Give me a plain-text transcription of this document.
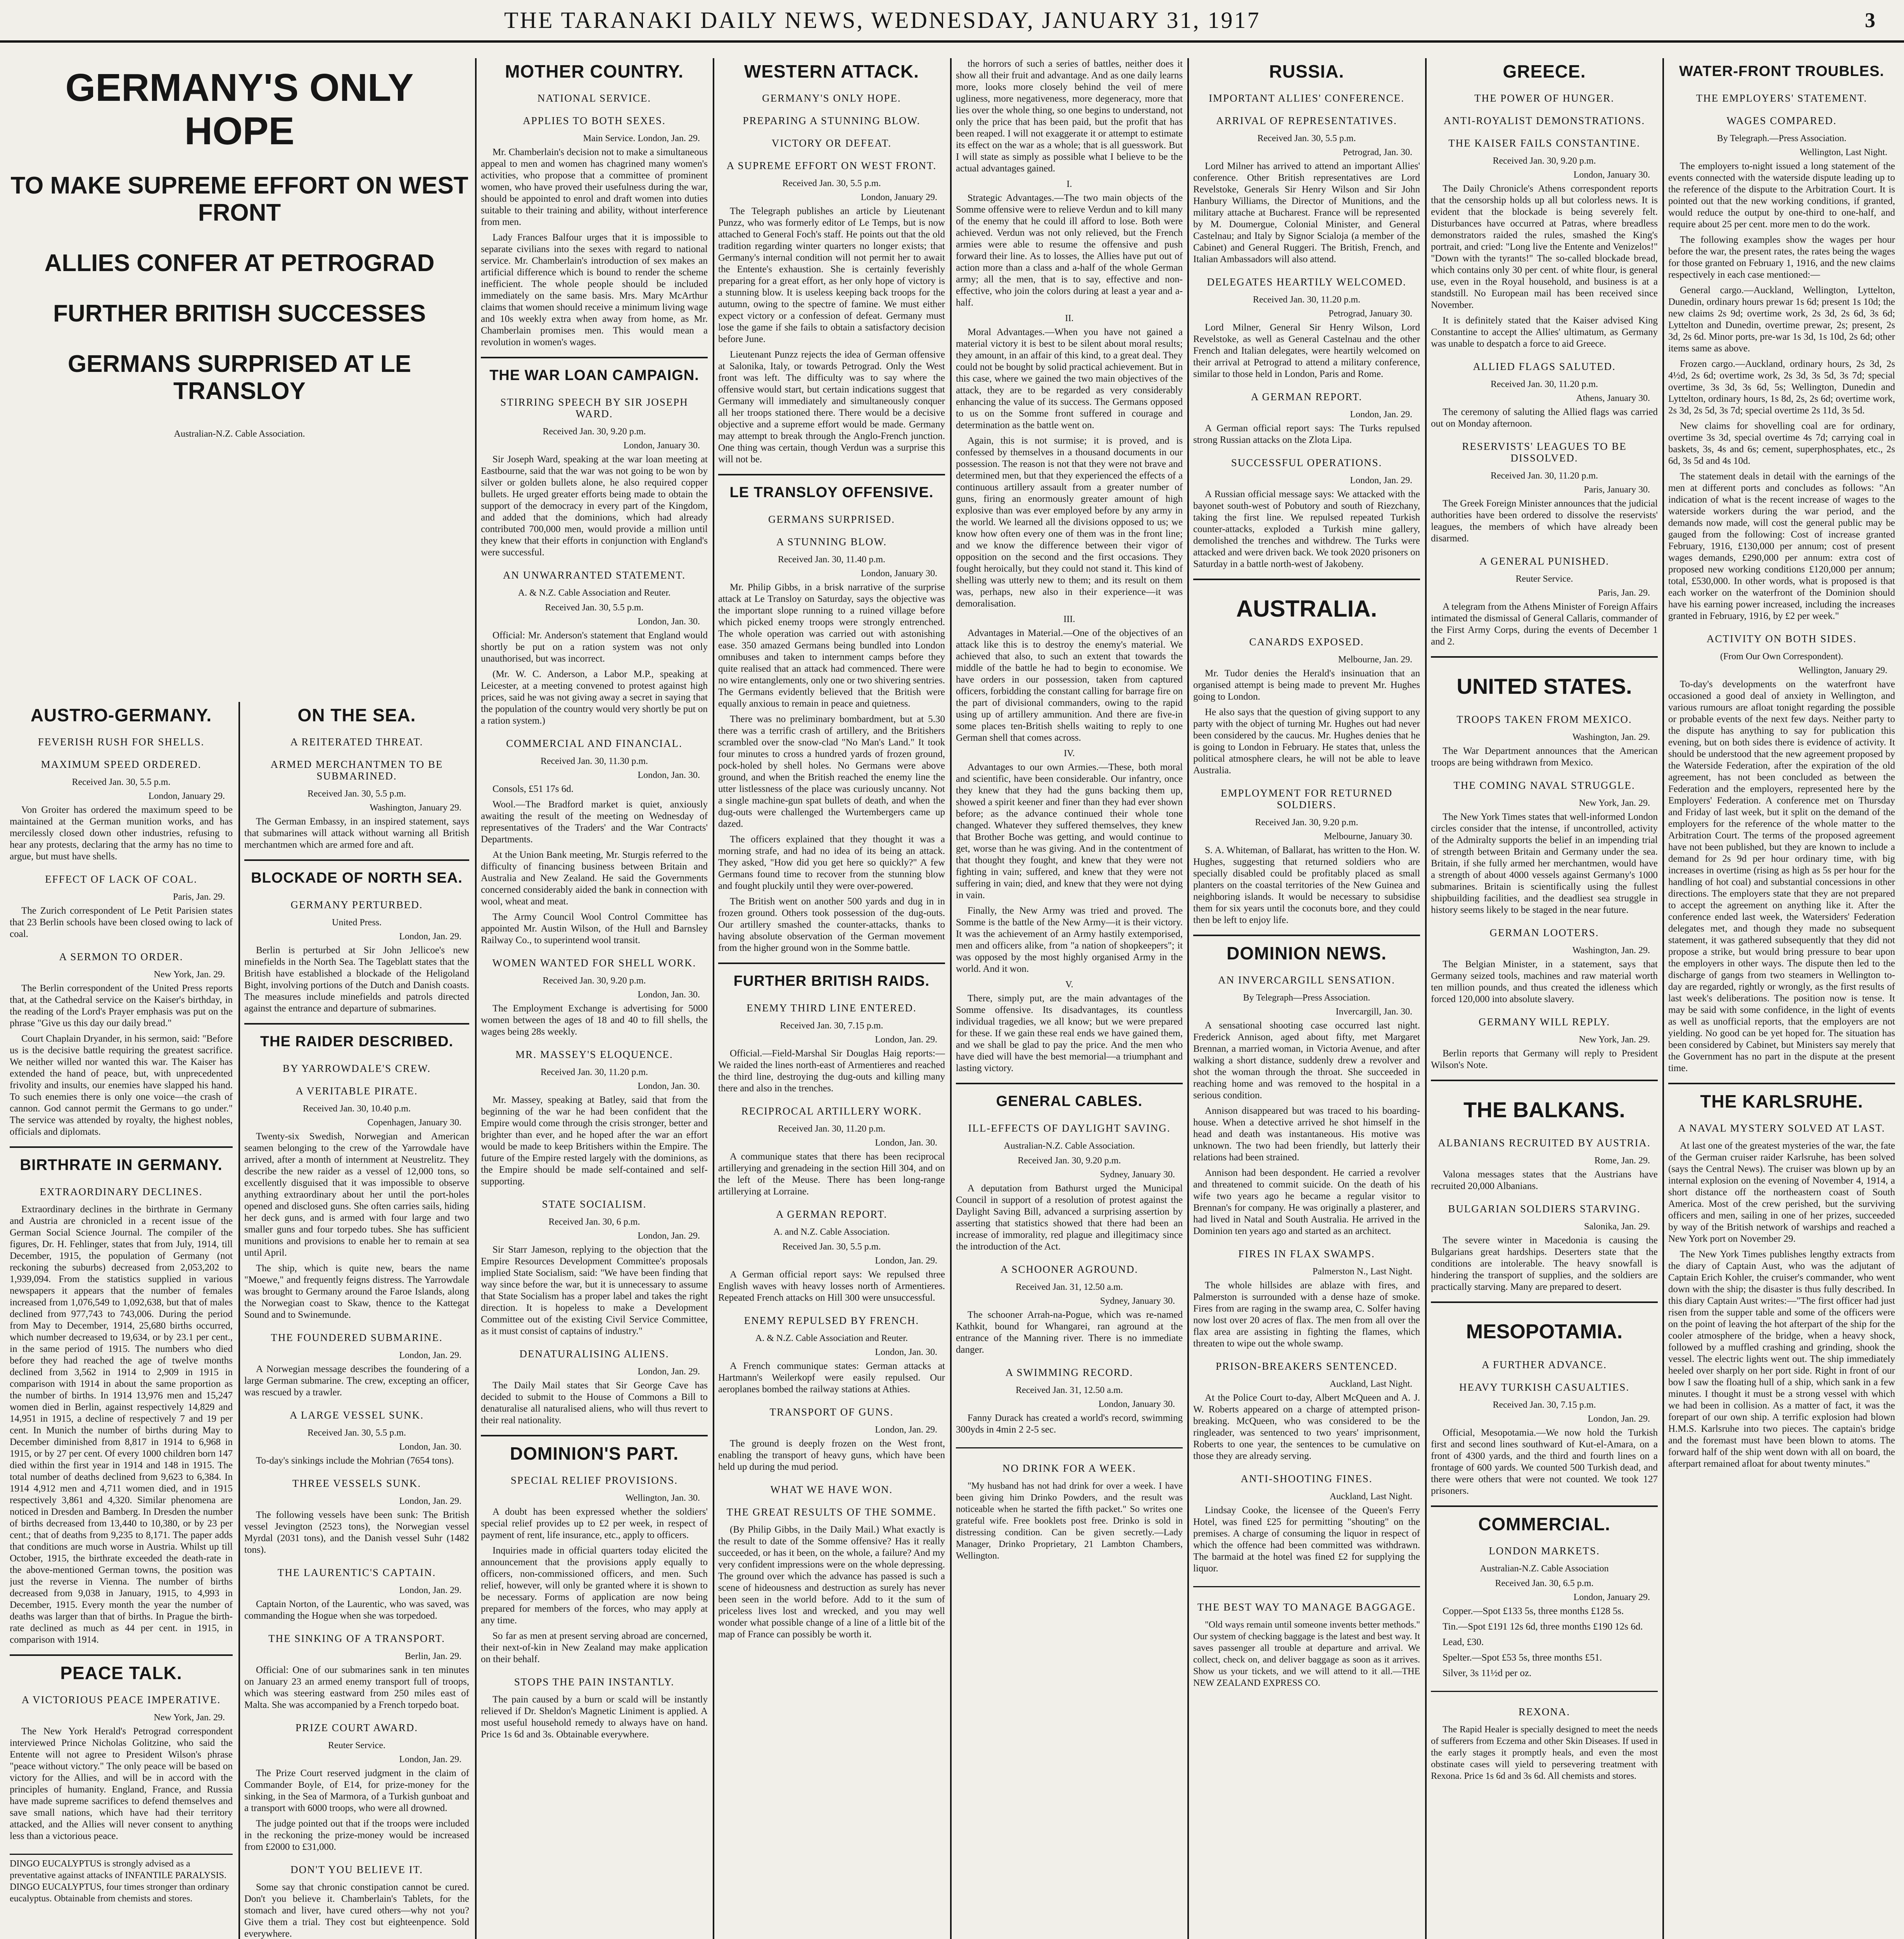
THE TARANAKI DAILY NEWS, WEDNESDAY, JANUARY 31, 1917	3
GERMANY'S ONLY HOPE
TO MAKE SUPREME EFFORT ON WEST FRONT
ALLIES CONFER AT PETROGRAD
FURTHER BRITISH SUCCESSES
GERMANS SURPRISED AT LE TRANSLOY
Australian-N.Z. Cable Association.
AUSTRO-GERMANY.
FEVERISH RUSH FOR SHELLS.
MAXIMUM SPEED ORDERED.
Received Jan. 30, 5.5 p.m.
London, January 29.

Von Groiter has ordered the maximum speed to be maintained at the German munition works, and has mercilessly closed down other industries, refusing to hear any protests, declaring that the army has no time to argue, but must have shells.

EFFECT OF LACK OF COAL.
Paris, Jan. 29.

The Zurich correspondent of Le Petit Parisien states that 23 Berlin schools have been closed owing to lack of coal.

A SERMON TO ORDER.
New York, Jan. 29.

The Berlin correspondent of the United Press reports that, at the Cathedral service on the Kaiser's birthday, in the reading of the Lord's Prayer emphasis was put on the phrase "Give us this day our daily bread."

Court Chaplain Dryander, in his sermon, said: "Before us is the decisive battle requiring the greatest sacrifice. We neither willed nor wanted this war. The Kaiser has extended the hand of peace, but, with unprecedented frivolity and insults, our enemies have slapped his hand. To such enemies there is only one voice—the crash of cannon. God cannot permit the Germans to go under." The service was attended by royalty, the highest nobles, officials and diplomats.

BIRTHRATE IN GERMANY.
EXTRAORDINARY DECLINES.

Extraordinary declines in the birthrate in Germany and Austria are chronicled in a recent issue of the German Social Science Journal. The compiler of the figures, Dr. H. Fehlinger, states that from July, 1914, till December, 1915, the population of Germany (not reckoning the suburbs) decreased from 2,053,202 to 1,939,094. From the statistics supplied in various newspapers it appears that the number of females increased from 1,076,549 to 1,092,638, but that of males declined from 977,743 to 743,006. During the period from May to December, 1914, 25,680 births occurred, which number decreased to 19,634, or by 23.1 per cent., in the same period of 1915. The numbers who died before they had reached the age of twelve months declined from 3,562 in 1914 to 2,909 in 1915 in comparison with 1914 in about the same proportion as the number of births. In 1914 13,976 men and 15,247 women died in Berlin, against respectively 14,829 and 14,951 in 1915, a decline of respectively 7 and 19 per cent. In Munich the number of births during May to December diminished from 8,817 in 1914 to 6,968 in 1915, or by 27 per cent. Of every 1000 children born 147 died within the first year in 1914 and 148 in 1915. The total number of deaths declined from 9,623 to 6,384. In 1914 4,912 men and 4,711 women died, and in 1915 respectively 3,861 and 4,320. Similar phenomena are noticed in Dresden and Bamberg. In Dresden the number of births decreased from 13,440 to 10,380, or by 23 per cent.; that of deaths from 9,235 to 8,171. The paper adds that conditions are much worse in Austria. Whilst up till October, 1915, the birthrate exceeded the death-rate in the above-mentioned German towns, the position was just the reverse in Vienna. The number of births decreased from 9,038 in January, 1915, to 4,993 in December, 1915. Every month the year the number of deaths was larger than that of births. In Prague the birth-rate declined as much as 44 per cent. in 1915, in comparison with 1914.

PEACE TALK.
A VICTORIOUS PEACE IMPERATIVE.
New York, Jan. 29.

The New York Herald's Petrograd correspondent interviewed Prince Nicholas Golitzine, who said the Entente will not agree to President Wilson's phrase "peace without victory." The only peace will be based on victory for the Allies, and will be in accord with the principles of humanity. England, France, and Russia have made supreme sacrifices to defend themselves and save small nations, which have had their territory attacked, and the Allies will never consent to anything less than a victorious peace.

DINGO EUCALYPTUS is strongly advised as a preventative against attacks of INFANTILE PARALYSIS. DINGO EUCALYPTUS, four times stronger than ordinary eucalyptus. Obtainable from chemists and stores.
ON THE SEA.
A REITERATED THREAT.
ARMED MERCHANTMEN TO BE SUBMARINED.
Received Jan. 30, 5.5 p.m.
Washington, January 29.

The German Embassy, in an inspired statement, says that submarines will attack without warning all British merchantmen which are armed fore and aft.

BLOCKADE OF NORTH SEA.
GERMANY PERTURBED.
United Press.
London, Jan. 29.

Berlin is perturbed at Sir John Jellicoe's new minefields in the North Sea. The Tageblatt states that the British have established a blockade of the Heligoland Bight, involving portions of the Dutch and Danish coasts. The measures include minefields and patrols directed against the entrance and departure of submarines.

THE RAIDER DESCRIBED.
BY YARROWDALE'S CREW.
A VERITABLE PIRATE.
Received Jan. 30, 10.40 p.m.
Copenhagen, January 30.

Twenty-six Swedish, Norwegian and American seamen belonging to the crew of the Yarrowdale have arrived, after a month of internment at Neustrelitz. They describe the new raider as a vessel of 12,000 tons, so excellently disguised that it was impossible to observe anything extraordinary about her until the port-holes opened and disclosed guns. She often carries sails, hiding her deck guns, and is armed with four large and two smaller guns and four torpedo tubes. She has sufficient munitions and provisions to enable her to remain at sea until April.

The ship, which is quite new, bears the name "Moewe," and frequently feigns distress. The Yarrowdale was brought to Germany around the Faroe Islands, along the Norwegian coast to Skaw, thence to the Kattegat Sound and to Swinemunde.

THE FOUNDERED SUBMARINE.
London, Jan. 29.

A Norwegian message describes the foundering of a large German submarine. The crew, excepting an officer, was rescued by a trawler.

A LARGE VESSEL SUNK.
Received Jan. 30, 5.5 p.m.
London, Jan. 30.

To-day's sinkings include the Mohrian (7654 tons).

THREE VESSELS SUNK.
London, Jan. 29.

The following vessels have been sunk: The British vessel Jevington (2523 tons), the Norwegian vessel Myrdal (2031 tons), and the Danish vessel Suhr (1482 tons).

THE LAURENTIC'S CAPTAIN.
London, Jan. 29.

Captain Norton, of the Laurentic, who was saved, was commanding the Hogue when she was torpedoed.

THE SINKING OF A TRANSPORT.
Berlin, Jan. 29.

Official: One of our submarines sank in ten minutes on January 23 an armed enemy transport full of troops, which was steering eastward from 250 miles east of Malta. She was accompanied by a French torpedo boat.

PRIZE COURT AWARD.
Reuter Service.
London, Jan. 29.

The Prize Court reserved judgment in the claim of Commander Boyle, of E14, for prize-money for the sinking, in the Sea of Marmora, of a Turkish gunboat and a transport with 6000 troops, who were all drowned.

The judge pointed out that if the troops were included in the reckoning the prize-money would be increased from £2000 to £31,000.

DON'T YOU BELIEVE IT.

Some say that chronic constipation cannot be cured. Don't you believe it. Chamberlain's Tablets, for the stomach and liver, have cured others—why not you? Give them a trial. They cost but eighteenpence. Sold everywhere.

MOTHER COUNTRY.
NATIONAL SERVICE.
APPLIES TO BOTH SEXES.
Main Service. London, Jan. 29.

Mr. Chamberlain's decision not to make a simultaneous appeal to men and women has chagrined many women's activities, who propose that a committee of prominent women, who have proved their usefulness during the war, should be appointed to enrol and draft women into duties suitable to their training and ability, without interference from men.

Lady Frances Balfour urges that it is impossible to separate civilians into the sexes with regard to national service. Mr. Chamberlain's introduction of sex makes an artificial difference which is bound to render the scheme inefficient. The whole people should be included immediately on the same basis. Mrs. Mary McArthur claims that women should receive a minimum living wage and 10s weekly extra when away from home, as Mr. Chamberlain promises men. This would mean a revolution in women's wages.

THE WAR LOAN CAMPAIGN.
STIRRING SPEECH BY SIR JOSEPH WARD.
Received Jan. 30, 9.20 p.m.
London, January 30.

Sir Joseph Ward, speaking at the war loan meeting at Eastbourne, said that the war was not going to be won by silver or golden bullets alone, he also required copper bullets. He urged greater efforts being made to obtain the support of the democracy in every part of the Kingdom, and added that the dominions, which had already contributed 700,000 men, would provide a million until they knew that their efforts in conjunction with England's were successful.

AN UNWARRANTED STATEMENT.
A. & N.Z. Cable Association and Reuter.
Received Jan. 30, 5.5 p.m.
London, Jan. 30.

Official: Mr. Anderson's statement that England would shortly be put on a ration system was not only unauthorised, but was incorrect.

(Mr. W. C. Anderson, a Labor M.P., speaking at Leicester, at a meeting convened to protest against high prices, said he was not giving away a secret in saying that the population of the country would very shortly be put on a ration system.)

COMMERCIAL AND FINANCIAL.
Received Jan. 30, 11.30 p.m.
London, Jan. 30.

Consols, £51 17s 6d.

Wool.—The Bradford market is quiet, anxiously awaiting the result of the meeting on Wednesday of representatives of the Traders' and the War Contracts' Departments.

At the Union Bank meeting, Mr. Sturgis referred to the difficulty of financing business between Britain and Australia and New Zealand. He said the Governments concerned considerably aided the bank in connection with wool, wheat and meat.

The Army Council Wool Control Committee has appointed Mr. Austin Wilson, of the Hull and Barnsley Railway Co., to superintend wool transit.

WOMEN WANTED FOR SHELL WORK.
Received Jan. 30, 9.20 p.m.
London, Jan. 30.

The Employment Exchange is advertising for 5000 women between the ages of 18 and 40 to fill shells, the wages being 28s weekly.

MR. MASSEY'S ELOQUENCE.
Received Jan. 30, 11.20 p.m.
London, Jan. 30.

Mr. Massey, speaking at Batley, said that from the beginning of the war he had been confident that the Empire would come through the crisis stronger, better and brighter than ever, and he hoped after the war an effort would be made to keep Britishers within the Empire. The future of the Empire rested largely with the dominions, as the Empire should be made self-contained and self-supporting.

STATE SOCIALISM.
Received Jan. 30, 6 p.m.
London, Jan. 29.

Sir Starr Jameson, replying to the objection that the Empire Resources Development Committee's proposals implied State Socialism, said: "We have been finding that way since before the war, but it is unnecessary to assume that State Socialism has a proper label and takes the right direction. It is hopeless to make a Development Committee out of the existing Civil Service Committee, as it must consist of captains of industry."

DENATURALISING ALIENS.
London, Jan. 29.

The Daily Mail states that Sir George Cave has decided to submit to the House of Commons a Bill to denaturalise all naturalised aliens, who will thus revert to their real nationality.

DOMINION'S PART.
SPECIAL RELIEF PROVISIONS.
Wellington, Jan. 30.

A doubt has been expressed whether the soldiers' special relief provides up to £2 per week, in respect of payment of rent, life insurance, etc., apply to officers.

Inquiries made in official quarters today elicited the announcement that the provisions apply equally to officers, non-commissioned officers, and men. Such relief, however, will only be granted where it is shown to be necessary. Forms of application are now being prepared for members of the forces, who may apply at any time.

So far as men at present serving abroad are concerned, their next-of-kin in New Zealand may make application on their behalf.

STOPS THE PAIN INSTANTLY.

The pain caused by a burn or scald will be instantly relieved if Dr. Sheldon's Magnetic Liniment is applied. A most useful household remedy to always have on hand. Price 1s 6d and 3s. Obtainable everywhere.

WESTERN ATTACK.
GERMANY'S ONLY HOPE.
PREPARING A STUNNING BLOW.
VICTORY OR DEFEAT.
A SUPREME EFFORT ON WEST FRONT.
Received Jan. 30, 5.5 p.m.
London, January 29.

The Telegraph publishes an article by Lieutenant Punzz, who was formerly editor of Le Temps, but is now attached to General Foch's staff. He points out that the old tradition regarding winter quarters no longer exists; that Germany's internal condition will not permit her to await the Entente's exhaustion. She is certainly feverishly preparing for a great effort, as her only hope of victory is a stunning blow. It is useless keeping back troops for the autumn, owing to the spectre of famine. We must either expect victory or a confession of defeat. Germany must lose the game if she fails to obtain a satisfactory decision before June.

Lieutenant Punzz rejects the idea of German offensive at Salonika, Italy, or towards Petrograd. Only the West front was left. The difficulty was to say where the offensive would start, but certain indications suggest that Germany will immediately and simultaneously conquer all her troops stationed there. There would be a decisive objective and a supreme effort would be made. Germany may attempt to break through the Anglo-French junction. One thing was certain, though Verdun was a surprise this will not be.

LE TRANSLOY OFFENSIVE.
GERMANS SURPRISED.
A STUNNING BLOW.
Received Jan. 30, 11.40 p.m.
London, January 30.

Mr. Philip Gibbs, in a brisk narrative of the surprise attack at Le Transloy on Saturday, says the objective was the important slope running to a ruined village before which picked enemy troops were strongly entrenched. The whole operation was carried out with astonishing ease. 350 amazed Germans being bundled into London omnibuses and taken to internment camps before they quite realised that an attack had commenced. There were no wire entanglements, only one or two shivering sentries. The Germans evidently believed that the British were equally anxious to remain in peace and quietness.

There was no preliminary bombardment, but at 5.30 there was a terrific crash of artillery, and the Britishers scrambled over the snow-clad "No Man's Land." It took four minutes to cross a hundred yards of frozen ground, pock-holed by shell holes. No Germans were above ground, and when the British reached the enemy line the utter listlessness of the place was curiously uncanny. Not a single machine-gun spat bullets of death, and when the dug-outs were challenged the Wurtembergers came up dazed.

The officers explained that they thought it was a morning strafe, and had no idea of its being an attack. They asked, "How did you get here so quickly?" A few Germans found time to recover from the stunning blow and fought pluckily until they were over-powered.

The British went on another 500 yards and dug in in frozen ground. Others took possession of the dug-outs. Our artillery smashed the counter-attacks, thanks to having absolute observation of the German movement from the higher ground won in the Somme battle.

FURTHER BRITISH RAIDS.
ENEMY THIRD LINE ENTERED.
Received Jan. 30, 7.15 p.m.
London, Jan. 29.

Official.—Field-Marshal Sir Douglas Haig reports:—We raided the lines north-east of Armentieres and reached the third line, destroying the dug-outs and killing many there and also in the trenches.

RECIPROCAL ARTILLERY WORK.
Received Jan. 30, 11.20 p.m.
London, Jan. 30.

A communique states that there has been reciprocal artillerying and grenadeing in the section Hill 304, and on the left of the Meuse. There has been long-range artillerying at Lorraine.

A GERMAN REPORT.
A. and N.Z. Cable Association.
Received Jan. 30, 5.5 p.m.
London, Jan. 29.

A German official report says: We repulsed three English waves with heavy losses north of Armentieres. Repeated French attacks on Hill 300 were unsuccessful.

ENEMY REPULSED BY FRENCH.
A. & N.Z. Cable Association and Reuter.
London, Jan. 30.

A French communique states: German attacks at Hartmann's Weilerkopf were easily repulsed. Our aeroplanes bombed the railway stations at Athies.

TRANSPORT OF GUNS.
London, Jan. 29.

The ground is deeply frozen on the West front, enabling the transport of heavy guns, which have been held up during the mud period.

WHAT WE HAVE WON.
THE GREAT RESULTS OF THE SOMME.

(By Philip Gibbs, in the Daily Mail.) What exactly is the result to date of the Somme offensive? Has it really succeeded, or has it been, on the whole, a failure? And my very confident impressions were on the whole depressing. The ground over which the advance has passed is such a scene of hideousness and destruction as surely has never been seen in the world before. Add to it the sum of priceless lives lost and wrecked, and you may well wonder what possible change of a line of a little bit of the map of France can possibly be worth it.

the horrors of such a series of battles, neither does it show all their fruit and advantage. And as one daily learns more, looks more closely behind the veil of mere ugliness, more negativeness, more degeneracy, more that lies over the whole thing, so one begins to understand, not only the price that has been paid, but the profit that has been reaped. I will not exaggerate it or attempt to estimate its effect on the war as a whole; that is all guesswork. But I will state as simply as possible what I believe to be the actual advantages gained.

I.

Strategic Advantages.—The two main objects of the Somme offensive were to relieve Verdun and to kill many of the enemy that he could ill afford to lose. Both were achieved. Verdun was not only relieved, but the French armies were able to resume the offensive and push forward their line. As to losses, the Allies have put out of action more than a class and a-half of the whole German army; all the men, that is to say, effective and non-effective, who join the colors during at least a year and a-half.

II.

Moral Advantages.—When you have not gained a material victory it is best to be silent about moral results; they amount, in an affair of this kind, to a great deal. They could not be bought by solid practical achievement. But in this case, where we gained the two main objectives of the attack, they are to be regarded as very considerably enhancing the value of its success. The Germans opposed to us on the Somme front suffered in courage and determination as the battle went on.

Again, this is not surmise; it is proved, and is confessed by themselves in a thousand documents in our possession. The reason is not that they were not brave and determined men, but that they experienced the effects of a continuous artillery assault from a greater number of guns, firing an enormously greater amount of high explosive than was ever employed before by any army in the world. We learned all the divisions opposed to us; we know how often every one of them was in the front line; and we know the difference between their vigor of opposition on the second and the first occasions. They fought heroically, but they could not stand it. This kind of shelling was utterly new to them; and its result on them was, perhaps, new also in their experience—it was demoralisation.

III.

Advantages in Material.—One of the objectives of an attack like this is to destroy the enemy's material. We achieved that also, to such an extent that towards the middle of the battle he had to begin to economise. We have orders in our possession, taken from captured officers, forbidding the constant calling for barrage fire on the part of divisional commanders, owing to the rapid using up of artillery ammunition. And there are five-in some places ten-British shells waiting to reply to one German shell that comes across.

IV.

Advantages to our own Armies.—These, both moral and scientific, have been considerable. Our infantry, once they knew that they had the guns backing them up, showed a spirit keener and finer than they had ever shown before; as the advance continued their whole tone changed. Whatever they suffered themselves, they knew that Brother Boche was getting, and would continue to get, worse than he was giving. And in the contentment of that thought they fought, and knew that they were not fighting in vain; suffered, and knew that they were not suffering in vain; died, and knew that they were not dying in vain.

Finally, the New Army was tried and proved. The Somme is the battle of the New Army—it is their victory. It was the achievement of an Army hastily extemporised, men and officers alike, from "a nation of shopkeepers"; it was opposed by the most highly organised Army in the world. And it won.

V.

There, simply put, are the main advantages of the Somme offensive. Its disadvantages, its countless individual tragedies, we all know; but we were prepared for these. If we gain these real ends we have gained them, and we shall be glad to pay the price. And the men who have died will have the best memorial—a triumphant and lasting victory.

GENERAL CABLES.
ILL-EFFECTS OF DAYLIGHT SAVING.
Australian-N.Z. Cable Association.
Received Jan. 30, 9.20 p.m.
Sydney, January 30.

A deputation from Bathurst urged the Municipal Council in support of a resolution of protest against the Daylight Saving Bill, advanced a surprising assertion by asserting that statistics showed that there had been an increase of immorality, red plague and illegitimacy since the introduction of the Act.

A SCHOONER AGROUND.
Received Jan. 31, 12.50 a.m.
Sydney, January 30.

The schooner Arrah-na-Pogue, which was re-named Kathkit, bound for Whangarei, ran aground at the entrance of the Manning river. There is no immediate danger.

A SWIMMING RECORD.
Received Jan. 31, 12.50 a.m.
London, January 30.

Fanny Durack has created a world's record, swimming 300yds in 4min 2 2-5 sec.

NO DRINK FOR A WEEK.

"My husband has not had drink for over a week. I have been giving him Drinko Powders, and the result was noticeable when he started the fifth packet." So writes one grateful wife. Free booklets post free. Drinko is sold in distressing condition. Can be given secretly.—Lady Manager, Drinko Proprietary, 21 Lambton Chambers, Wellington.

RUSSIA.
IMPORTANT ALLIES' CONFERENCE.
ARRIVAL OF REPRESENTATIVES.
Received Jan. 30, 5.5 p.m.
Petrograd, Jan. 30.

Lord Milner has arrived to attend an important Allies' conference. Other British representatives are Lord Revelstoke, Generals Sir Henry Wilson and Sir John Hanbury Williams, the Director of Munitions, and the military attache at Bucharest. France will be represented by M. Doumergue, Colonial Minister, and General Castelnau; and Italy by Signor Scialoja (a member of the Cabinet) and General Ruggeri. The British, French, and Italian Ambassadors will also attend.

DELEGATES HEARTILY WELCOMED.
Received Jan. 30, 11.20 p.m.
Petrograd, January 30.

Lord Milner, General Sir Henry Wilson, Lord Revelstoke, as well as General Castelnau and the other French and Italian delegates, were heartily welcomed on their arrival at Petrograd to attend a military conference, similar to those held in London, Paris and Rome.

A GERMAN REPORT.
London, Jan. 29.

A German official report says: The Turks repulsed strong Russian attacks on the Zlota Lipa.

SUCCESSFUL OPERATIONS.
London, Jan. 29.

A Russian official message says: We attacked with the bayonet south-west of Pobutory and south of Riezchany, taking the first line. We repulsed repeated Turkish counter-attacks, exploded a Turkish mine gallery, demolished the trenches and withdrew. The Turks were attacked and were driven back. We took 2020 prisoners on Saturday in a battle north-west of Jakobeny.

AUSTRALIA.
CANARDS EXPOSED.
Melbourne, Jan. 29.

Mr. Tudor denies the Herald's insinuation that an organised attempt is being made to prevent Mr. Hughes going to London.

He also says that the question of giving support to any party with the object of turning Mr. Hughes out had never been considered by the caucus. Mr. Hughes denies that he is going to London in February. He states that, unless the political atmosphere clears, he will not be able to leave Australia.

EMPLOYMENT FOR RETURNED SOLDIERS.
Received Jan. 30, 9.20 p.m.
Melbourne, January 30.

S. A. Whiteman, of Ballarat, has written to the Hon. W. Hughes, suggesting that returned soldiers who are specially disabled could be profitably placed as small planters on the coastal territories of the New Guinea and neighboring islands. It would be necessary to subsidise them for six years until the coconuts bore, and they could then be left to enjoy life.

DOMINION NEWS.
AN INVERCARGILL SENSATION.
By Telegraph—Press Association.
Invercargill, Jan. 30.

A sensational shooting case occurred last night. Frederick Annison, aged about fifty, met Margaret Brennan, a married woman, in Victoria Avenue, and after walking a short distance, suddenly drew a revolver and shot the woman through the throat. She succeeded in reaching home and was removed to the hospital in a serious condition.

Annison disappeared but was traced to his boarding-house. When a detective arrived he shot himself in the head and death was instantaneous. His motive was unknown. The two had been friendly, but latterly their relations had been strained.

Annison had been despondent. He carried a revolver and threatened to commit suicide. On the death of his wife two years ago he became a regular visitor to Brennan's for company. He was originally a plasterer, and had lived in Natal and South Australia. He arrived in the Dominion ten years ago and started as an architect.

FIRES IN FLAX SWAMPS.
Palmerston N., Last Night.

The whole hillsides are ablaze with fires, and Palmerston is surrounded with a dense haze of smoke. Fires from are raging in the swamp area, C. Solfer having now lost over 20 acres of flax. The men from all over the flax area are assisting in fighting the flames, which threaten to wipe out the whole swamp.

PRISON-BREAKERS SENTENCED.
Auckland, Last Night.

At the Police Court to-day, Albert McQueen and A. J. W. Roberts appeared on a charge of attempted prison-breaking. McQueen, who was considered to be the ringleader, was sentenced to two years' imprisonment, Roberts to one year, the sentences to be cumulative on those they are already serving.

ANTI-SHOOTING FINES.
Auckland, Last Night.

Lindsay Cooke, the licensee of the Queen's Ferry Hotel, was fined £25 for permitting "shouting" on the premises. A charge of consuming the liquor in respect of which the offence had been committed was withdrawn. The barmaid at the hotel was fined £2 for supplying the liquor.

THE BEST WAY TO MANAGE BAGGAGE.

"Old ways remain until someone invents better methods." Our system of checking baggage is the latest and best way. It saves passenger all trouble at departure and arrival. We collect, check on, and deliver baggage as soon as it arrives. Show us your tickets, and we will attend to it all.—THE NEW ZEALAND EXPRESS CO.

GREECE.
THE POWER OF HUNGER.
ANTI-ROYALIST DEMONSTRATIONS.
THE KAISER FAILS CONSTANTINE.
Received Jan. 30, 9.20 p.m.
London, January 30.

The Daily Chronicle's Athens correspondent reports that the censorship holds up all but colorless news. It is evident that the blockade is being severely felt. Disturbances have occurred at Patras, where breadless demonstrators raided the rules, smashed the King's portrait, and cried: "Long live the Entente and Venizelos!" "Down with the tyrants!" The so-called blockade bread, which contains only 30 per cent. of white flour, is general use, even in the Royal household, and business is at a standstill. No European mail has been received since November.

It is definitely stated that the Kaiser advised King Constantine to accept the Allies' ultimatum, as Germany was unable to despatch a force to aid Greece.

ALLIED FLAGS SALUTED.
Received Jan. 30, 11.20 p.m.
Athens, January 30.

The ceremony of saluting the Allied flags was carried out on Monday afternoon.

RESERVISTS' LEAGUES TO BE DISSOLVED.
Received Jan. 30, 11.20 p.m.
Paris, January 30.

The Greek Foreign Minister announces that the judicial authorities have been ordered to dissolve the reservists' leagues, the members of which have already been disarmed.

A GENERAL PUNISHED.
Reuter Service.
Paris, Jan. 29.

A telegram from the Athens Minister of Foreign Affairs intimated the dismissal of General Callaris, commander of the First Army Corps, during the events of December 1 and 2.

UNITED STATES.
TROOPS TAKEN FROM MEXICO.
Washington, Jan. 29.

The War Department announces that the American troops are being withdrawn from Mexico.

THE COMING NAVAL STRUGGLE.
New York, Jan. 29.

The New York Times states that well-informed London circles consider that the intense, if uncontrolled, activity of the Admiralty supports the belief in an impending trial of strength between Britain and Germany under the sea. Britain, if she fully armed her merchantmen, would have a strength of about 4000 vessels against Germany's 1000 submarines. Britain is scientifically using the fullest shipbuilding facilities, and the deadliest sea struggle in history seems likely to be staged in the near future.

GERMAN LOOTERS.
Washington, Jan. 29.

The Belgian Minister, in a statement, says that Germany seized tools, machines and raw material worth ten million pounds, and thus created the idleness which forced 120,000 into absolute slavery.

GERMANY WILL REPLY.
New York, Jan. 29.

Berlin reports that Germany will reply to President Wilson's Note.

THE BALKANS.
ALBANIANS RECRUITED BY AUSTRIA.
Rome, Jan. 29.

Valona messages states that the Austrians have recruited 20,000 Albanians.

BULGARIAN SOLDIERS STARVING.
Salonika, Jan. 29.

The severe winter in Macedonia is causing the Bulgarians great hardships. Deserters state that the conditions are intolerable. The heavy snowfall is hindering the transport of supplies, and the soldiers are practically starving. Many are prepared to desert.

MESOPOTAMIA.
A FURTHER ADVANCE.
HEAVY TURKISH CASUALTIES.
Received Jan. 30, 7.15 p.m.
London, Jan. 29.

Official, Mesopotamia.—We now hold the Turkish first and second lines southward of Kut-el-Amara, on a front of 4300 yards, and the third and fourth lines on a frontage of 600 yards. We counted 500 Turkish dead, and there were others that were not counted. We took 127 prisoners.

COMMERCIAL.
LONDON MARKETS.
Australian-N.Z. Cable Association
Received Jan. 30, 6.5 p.m.
London, January 29.

Copper.—Spot £133 5s, three months £128 5s.

Tin.—Spot £191 12s 6d, three months £190 12s 6d.

Lead, £30.

Spelter.—Spot £53 5s, three months £51.

Silver, 3s 11½d per oz.

REXONA.

The Rapid Healer is specially designed to meet the needs of sufferers from Eczema and other Skin Diseases. If used in the early stages it promptly heals, and even the most obstinate cases will yield to persevering treatment with Rexona. Price 1s 6d and 3s 6d. All chemists and stores.

WATER-FRONT TROUBLES.
THE EMPLOYERS' STATEMENT.
WAGES COMPARED.
By Telegraph.—Press Association.
Wellington, Last Night.

The employers to-night issued a long statement of the events connected with the waterside dispute leading up to the reference of the dispute to the Arbitration Court. It is pointed out that the new working conditions, if granted, would reduce the output by one-third to one-half, and require about 25 per cent. more men to do the work.

The following examples show the wages per hour before the war, the present rates, the rates being the wages for those granted on February 1, 1916, and the new claims respectively in each case mentioned:—

General cargo.—Auckland, Wellington, Lyttelton, Dunedin, ordinary hours prewar 1s 6d; present 1s 10d; the new claims 2s 9d; overtime work, 2s 3d, 2s 6d, 3s 6d; Lyttelton and Dunedin, overtime prewar, 2s; present, 2s 3d, 2s 6d. Minor ports, pre-war 1s 3d, 1s 10d, 2s 6d; other items same as above.

Frozen cargo.—Auckland, ordinary hours, 2s 3d, 2s 4½d, 2s 6d; overtime work, 2s 3d, 3s 5d, 3s 7d; special overtime, 3s 3d, 3s 6d, 5s; Wellington, Dunedin and Lyttelton, ordinary hours, 1s 8d, 2s, 2s 6d; overtime work, 2s 3d, 2s 5d, 3s 7d; special overtime 2s 11d, 3s 5d.

New claims for shovelling coal are for ordinary, overtime 3s 3d, special overtime 4s 7d; carrying coal in baskets, 3s, 4s and 6s; cement, superphosphates, etc., 2s 6d, 3s 5d and 4s 10d.

The statement deals in detail with the earnings of the men at different ports and concludes as follows: "An indication of what is the recent increase of wages to the waterside workers during the war period, and the demands now made, will cost the general public may be gauged from the following: Cost of increase granted February, 1916, £130,000 per annum; cost of present wages demands, £290,000 per annum: extra cost of proposed new working conditions £120,000 per annum; total, £530,000. In other words, what is proposed is that each worker on the waterfront of the Dominion should have his earning power increased, including the increases granted in February, 1916, by £2 per week."

ACTIVITY ON BOTH SIDES.
(From Our Own Correspondent).
Wellington, January 29.

To-day's developments on the waterfront have occasioned a good deal of anxiety in Wellington, and various rumours are afloat tonight regarding the possible or probable events of the next few days. Neither party to the dispute has anything to say for publication this evening, but on both sides there is evidence of activity. It should be understood that the new agreement proposed by the Waterside Federation, after the expiration of the old agreement, has not been concluded as between the Federation and the employers, represented here by the Employers' Federation. A conference met on Thursday and Friday of last week, but it split on the demand of the employers for the reference of the whole matter to the Arbitration Court. The terms of the proposed agreement have not been published, but they are known to include a demand for 2s 9d per hour ordinary time, with big increases in overtime (rising as high as 5s per hour for the handling of hot coal) and substantial concessions in other directions. The employers state that they are not prepared to accept the agreement on anything like it. After the conference ended last week, the Watersiders' Federation delegates met, and though they made no subsequent statement, it was gathered subsequently that they did not propose a strike, but would bring pressure to bear upon the employers in other ways. The dispute then led to the discharge of gangs from two steamers in Wellington to-day are regarded, rightly or wrongly, as the first results of last week's deliberations. The position now is tense. It may be said with some confidence, in the light of events as well as unofficial reports, that the employers are not yielding. No good can be yet hoped for. The situation has been considered by Cabinet, but Ministers say merely that the Government has no part in the dispute at the present time.

THE KARLSRUHE.
A NAVAL MYSTERY SOLVED AT LAST.

At last one of the greatest mysteries of the war, the fate of the German cruiser raider Karlsruhe, has been solved (says the Central News). The cruiser was blown up by an internal explosion on the evening of November 4, 1914, a short distance off the northeastern coast of South America. Most of the crew perished, but the surviving officers and men, sailing in one of her prizes, succeeded by way of the British network of warships and reached a New York port on November 29.

The New York Times publishes lengthy extracts from the diary of Captain Aust, who was the adjutant of Captain Erich Kohler, the cruiser's commander, who went down with the ship; the disaster is thus fully described. In this diary Captain Aust writes:—"The first officer had just risen from the supper table and some of the officers were on the point of leaving the hot afterpart of the ship for the cooler atmosphere of the bridge, when a heavy shock, followed by a muffled crashing and grinding, shook the vessel. The electric lights went out. The ship immediately heeled over sharply on her port side. Right in front of our bow I saw the floating hull of a ship, which sank in a few minutes. I thought it must be a strong vessel with which we had been in collision. As a matter of fact, it was the forepart of our own ship. A terrific explosion had blown H.M.S. Karlsruhe into two pieces. The captain's bridge and the foremast must have been blown to atoms. The forward half of the ship went down with all on board, the afterpart remained afloat for about twenty minutes."
